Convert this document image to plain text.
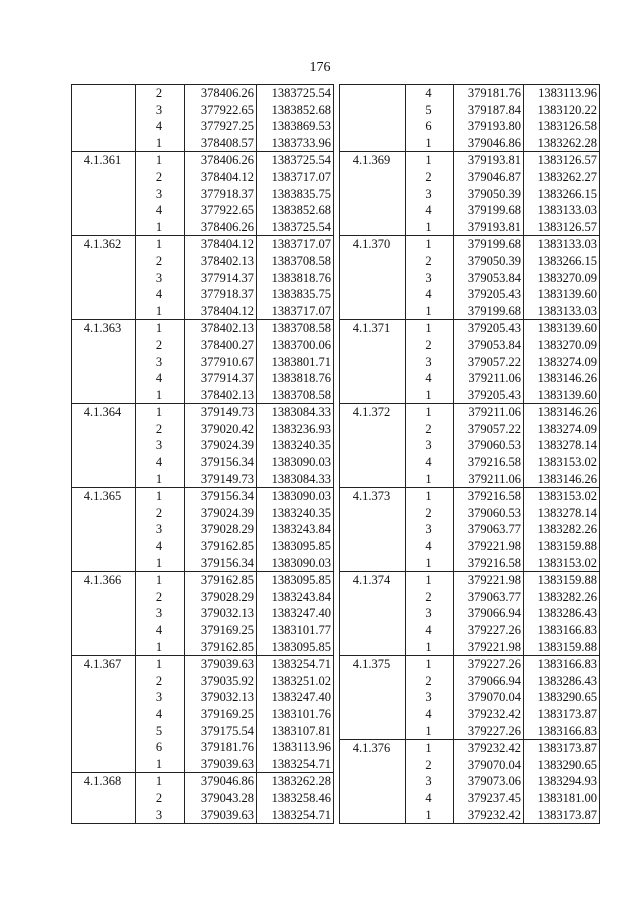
176
	2	378406.26	1383725.54
	3	377922.65	1383852.68
	4	377927.25	1383869.53
	1	378408.57	1383733.96
4.1.361	1	378406.26	1383725.54
	2	378404.12	1383717.07
	3	377918.37	1383835.75
	4	377922.65	1383852.68
	1	378406.26	1383725.54
4.1.362	1	378404.12	1383717.07
	2	378402.13	1383708.58
	3	377914.37	1383818.76
	4	377918.37	1383835.75
	1	378404.12	1383717.07
4.1.363	1	378402.13	1383708.58
	2	378400.27	1383700.06
	3	377910.67	1383801.71
	4	377914.37	1383818.76
	1	378402.13	1383708.58
4.1.364	1	379149.73	1383084.33
	2	379020.42	1383236.93
	3	379024.39	1383240.35
	4	379156.34	1383090.03
	1	379149.73	1383084.33
4.1.365	1	379156.34	1383090.03
	2	379024.39	1383240.35
	3	379028.29	1383243.84
	4	379162.85	1383095.85
	1	379156.34	1383090.03
4.1.366	1	379162.85	1383095.85
	2	379028.29	1383243.84
	3	379032.13	1383247.40
	4	379169.25	1383101.77
	1	379162.85	1383095.85
4.1.367	1	379039.63	1383254.71
	2	379035.92	1383251.02
	3	379032.13	1383247.40
	4	379169.25	1383101.76
	5	379175.54	1383107.81
	6	379181.76	1383113.96
	1	379039.63	1383254.71
4.1.368	1	379046.86	1383262.28
	2	379043.28	1383258.46
	3	379039.63	1383254.71
	4	379181.76	1383113.96
	5	379187.84	1383120.22
	6	379193.80	1383126.58
	1	379046.86	1383262.28
4.1.369	1	379193.81	1383126.57
	2	379046.87	1383262.27
	3	379050.39	1383266.15
	4	379199.68	1383133.03
	1	379193.81	1383126.57
4.1.370	1	379199.68	1383133.03
	2	379050.39	1383266.15
	3	379053.84	1383270.09
	4	379205.43	1383139.60
	1	379199.68	1383133.03
4.1.371	1	379205.43	1383139.60
	2	379053.84	1383270.09
	3	379057.22	1383274.09
	4	379211.06	1383146.26
	1	379205.43	1383139.60
4.1.372	1	379211.06	1383146.26
	2	379057.22	1383274.09
	3	379060.53	1383278.14
	4	379216.58	1383153.02
	1	379211.06	1383146.26
4.1.373	1	379216.58	1383153.02
	2	379060.53	1383278.14
	3	379063.77	1383282.26
	4	379221.98	1383159.88
	1	379216.58	1383153.02
4.1.374	1	379221.98	1383159.88
	2	379063.77	1383282.26
	3	379066.94	1383286.43
	4	379227.26	1383166.83
	1	379221.98	1383159.88
4.1.375	1	379227.26	1383166.83
	2	379066.94	1383286.43
	3	379070.04	1383290.65
	4	379232.42	1383173.87
	1	379227.26	1383166.83
4.1.376	1	379232.42	1383173.87
	2	379070.04	1383290.65
	3	379073.06	1383294.93
	4	379237.45	1383181.00
	1	379232.42	1383173.87
